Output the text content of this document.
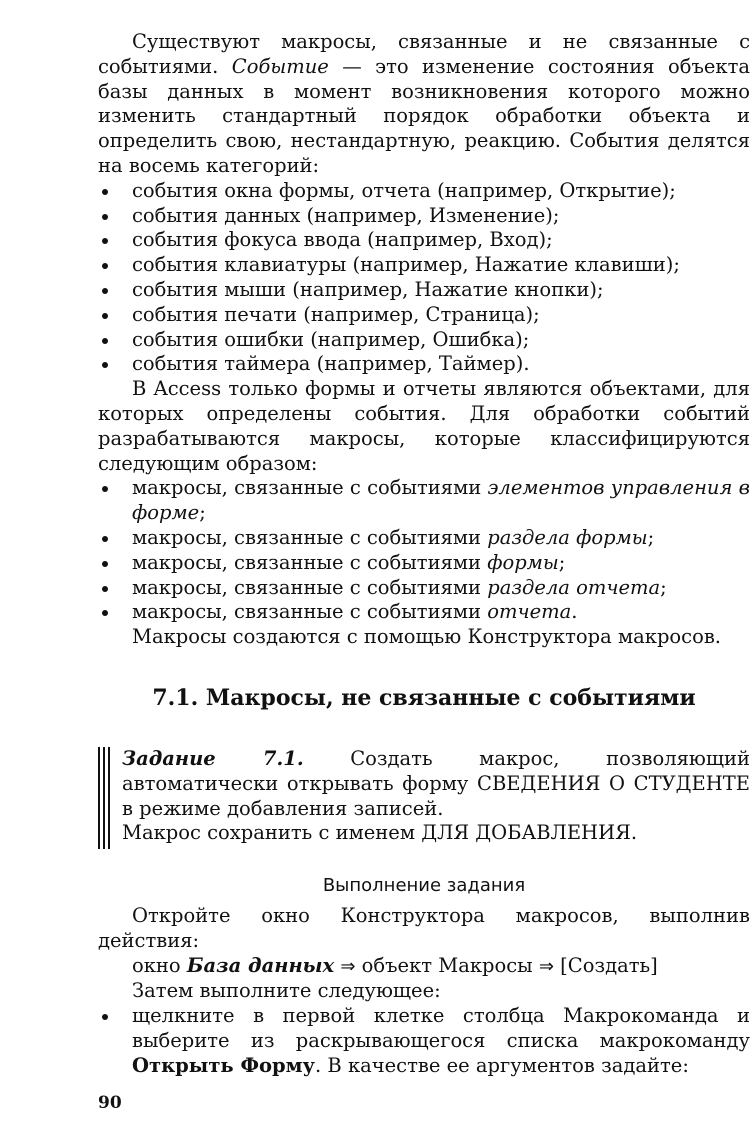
Существуют макросы, связанные и не связанные с событиями. Событие — это изменение состояния объекта базы данных в момент возникновения которого можно изменить стандартный порядок обработки объекта и определить свою, нестандартную, реакцию. События делятся на восемь категорий:

события окна формы, отчета (например, Открытие);
события данных (например, Изменение);
события фокуса ввода (например, Вход);
события клавиатуры (например, Нажатие клавиши);
события мыши (например, Нажатие кнопки);
события печати (например, Страница);
события ошибки (например, Ошибка);
события таймера (например, Таймер).

В Access только формы и отчеты являются объектами, для которых определены события. Для обработки событий разрабатываются макросы, которые классифицируются следующим образом:

макросы, связанные с событиями элементов управления в форме;
макросы, связанные с событиями раздела формы;
макросы, связанные с событиями формы;
макросы, связанные с событиями раздела отчета;
макросы, связанные с событиями отчета.

Макросы создаются с помощью Конструктора макросов.

7.1. Макросы, не связанные с событиями

Задание 7.1. Создать макрос, позволяющий автоматически открывать форму СВЕДЕНИЯ О СТУДЕНТЕ в режиме добавления записей.

Макрос сохранить с именем ДЛЯ ДОБАВЛЕНИЯ.

Выполнение задания

Откройте окно Конструктора макросов, выполнив действия:

окно База данных ⇒ объект Макросы ⇒ [Создать]

Затем выполните следующее:

щелкните в первой клетке столбца Макрокоманда и выберите из раскрывающегося списка макрокоманду Открыть Форму. В качестве ее аргументов задайте:
90
